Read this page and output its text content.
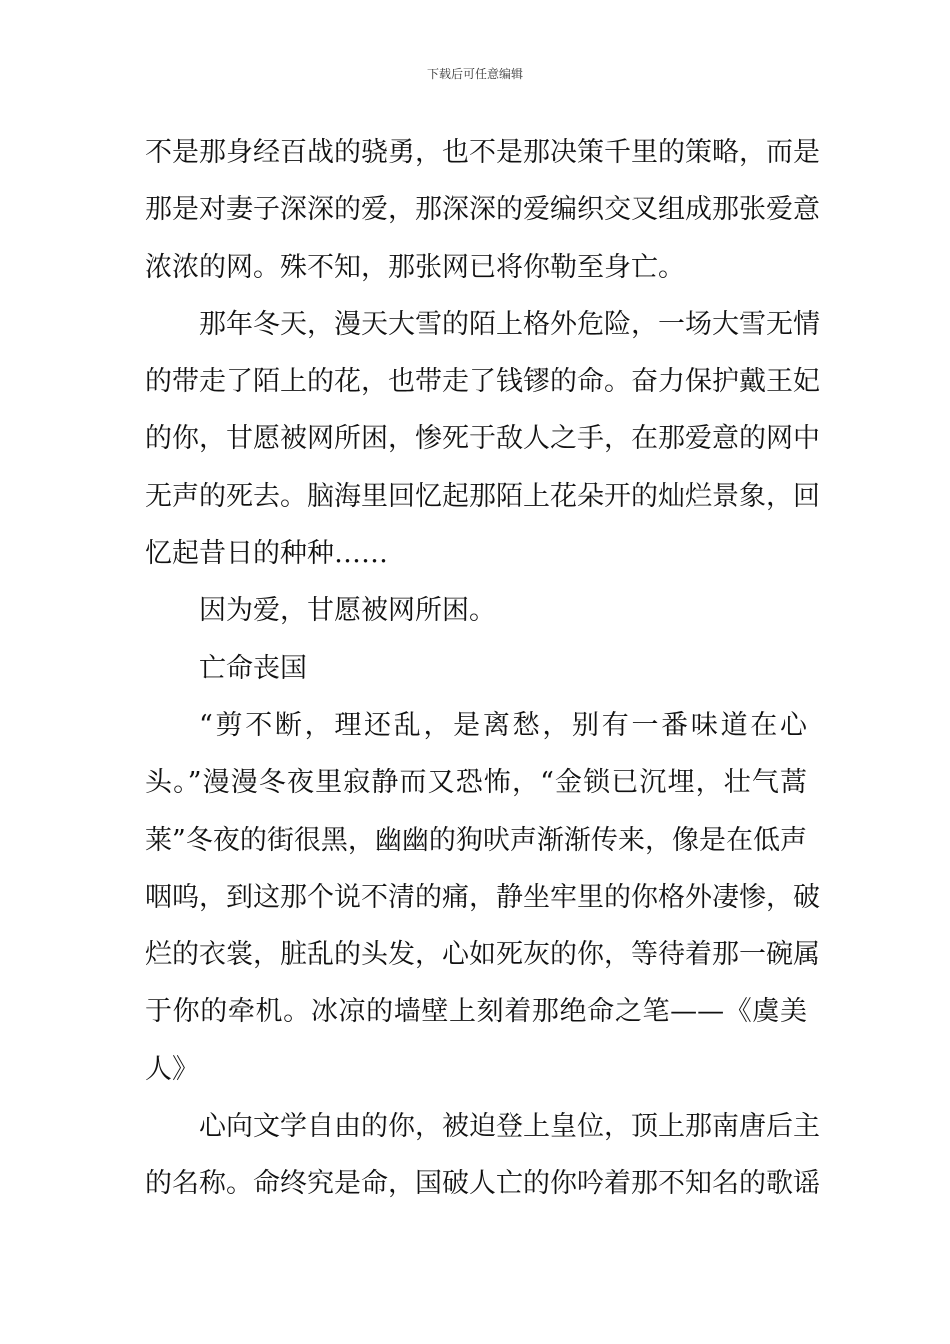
下载后可任意编辑
不是那身经百战的骁勇，也不是那决策千里的策略，而是
那是对妻子深深的爱，那深深的爱编织交叉组成那张爱意
浓浓的网。殊不知，那张网已将你勒至身亡。
那年冬天，漫天大雪的陌上格外危险，一场大雪无情
的带走了陌上的花，也带走了钱镠的命。奋力保护戴王妃
的你，甘愿被网所困，惨死于敌人之手，在那爱意的网中
无声的死去。脑海里回忆起那陌上花朵开的灿烂景象，回
忆起昔日的种种……
因为爱，甘愿被网所困。
亡命丧国
“剪不断，理还乱，是离愁，别有一番味道在心
头。”漫漫冬夜里寂静而又恐怖，“金锁已沉埋，壮气蒿
莱”冬夜的街很黑，幽幽的狗吠声渐渐传来，像是在低声
咽呜，到这那个说不清的痛，静坐牢里的你格外凄惨，破
烂的衣裳，脏乱的头发，心如死灰的你，等待着那一碗属
于你的牵机。冰凉的墙壁上刻着那绝命之笔——《虞美
人》
心向文学自由的你，被迫登上皇位，顶上那南唐后主
的名称。命终究是命，国破人亡的你吟着那不知名的歌谣
